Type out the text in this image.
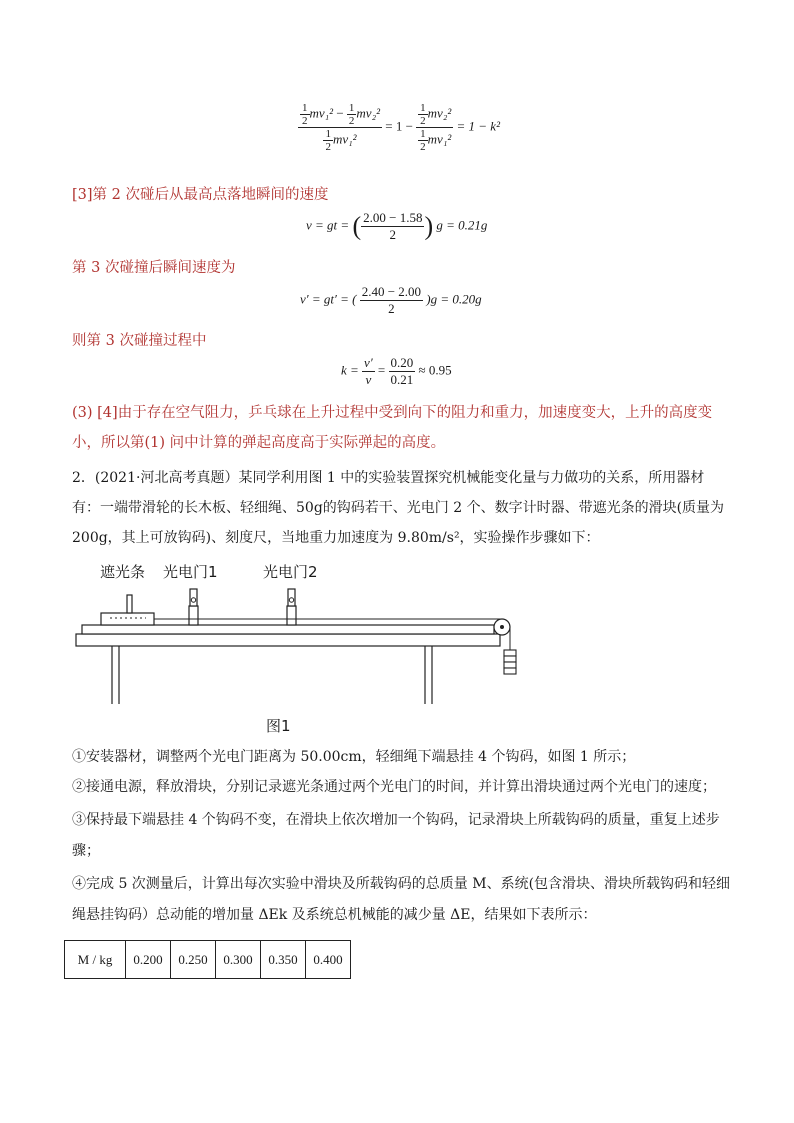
$\frac{\frac{1}{2} mv_1^2 - \frac{1}{2} mv_2^2}{\frac{1}{2} mv_1^2} = 1 - \frac{\frac{1}{2} mv_2^2}{\frac{1}{2} mv_1^2} = 1 - k^2$
[3]第 2 次碰后从最高点落地瞬间的速度
v = gt = ( $\frac{2.00 - 1.58}{2}$ ) g = 0.21g
第 3 次碰撞后瞬间速度为
v′ = gt′ = ( $\frac{2.40 - 2.00}{2} )g = 0.20g$
则第 3 次碰撞过程中
$k = \frac{v'}{v} = \frac{0.20}{0.21} \approx 0.95$
(3) [4]由于存在空气阻力，乒乓球在上升过程中受到向下的阻力和重力，加速度变大，上升的高度变小，所以第(1) 问中计算的弹起高度高于实际弹起的高度。
2．(2021·河北高考真题）某同学利用图 1 中的实验装置探究机械能变化量与力做功的关系，所用器材有：一端带滑轮的长木板、轻细绳、50g的钩码若干、光电门 2 个、数字计时器、带遮光条的滑块(质量为 200g，其上可放钩码)、刻度尺，当地重力加速度为 9.80m/s²，实验操作步骤如下：
遮光条 光电门1	光电门2
图1
①安装器材，调整两个光电门距离为 50.00cm，轻细绳下端悬挂 4 个钩码，如图 1 所示；
②接通电源，释放滑块，分别记录遮光条通过两个光电门的时间，并计算出滑块通过两个光电门的速度；
③保持最下端悬挂 4 个钩码不变，在滑块上依次增加一个钩码，记录滑块上所载钩码的质量，重复上述步骤；
④完成 5 次测量后，计算出每次实验中滑块及所载钩码的总质量 M、系统(包含滑块、滑块所载钩码和轻细绳悬挂钩码）总动能的增加量 ΔEk 及系统总机械能的减少量 ΔE，结果如下表所示：
M / kg	0.200	0.250	0.300	0.350	0.400
